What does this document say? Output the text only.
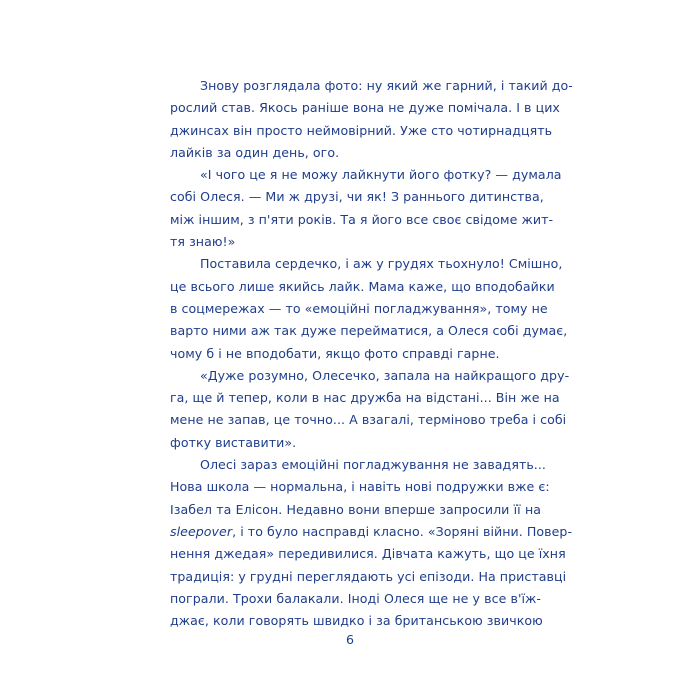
Знову розглядала фото: ну який же гарний, і такий до-
рослий став. Якось раніше вона не дуже помічала. І в цих
джинсах він просто неймовірний. Уже сто чотирнадцять
лайків за один день, ого.
«І чого це я не можу лайкнути його фотку? — думала
собі Олеся. — Ми ж друзі, чи як! З раннього дитинства,
між іншим, з п'яти років. Та я його все своє свідоме жит-
тя знаю!»
Поставила сердечко, і аж у грудях тьохнуло! Смішно,
це всього лише якийсь лайк. Мама каже, що вподобайки
в соцмережах — то «емоційні погладжування», тому не
варто ними аж так дуже перейматися, а Олеся собі думає,
чому б і не вподобати, якщо фото справді гарне.
«Дуже розумно, Олесечко, запала на найкращого дру-
га, ще й тепер, коли в нас дружба на відстані... Він же на
мене не запав, це точно... А взагалі, терміново треба і собі
фотку виставити».
Олесі зараз емоційні погладжування не завадять...
Нова школа — нормальна, і навіть нові подружки вже є:
Ізабел та Елісон. Недавно вони вперше запросили її на
sleepover, і то було насправді класно. «Зоряні війни. Повер-
нення джедая» передивилися. Дівчата кажуть, що це їхня
традиція: у грудні переглядають усі епізоди. На приставці
пограли. Трохи балакали. Іноді Олеся ще не у все в'їж-
джає, коли говорять швидко і за британською звичкою
6
